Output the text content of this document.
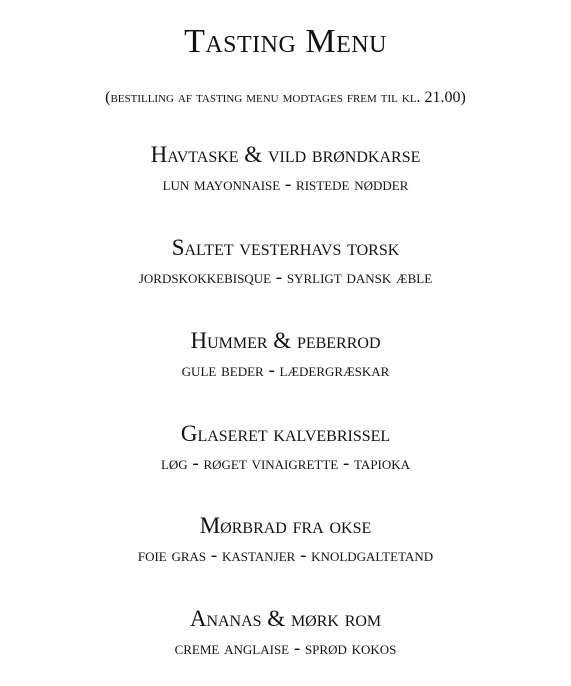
Tasting Menu

(bestilling af tasting menu modtages frem til kl. 21.00)

Havtaske & vild brøndkarse
lun mayonnaise - ristede nødder
Saltet vesterhavs torsk
jordskokkebisque - syrligt dansk æble
Hummer & peberrod
gule beder - lædergræskar
Glaseret kalvebrissel
løg - røget vinaigrette - tapioka
Mørbrad fra okse
foie gras - kastanjer - knoldgaltetand
Ananas & mørk rom
creme anglaise - sprød kokos
